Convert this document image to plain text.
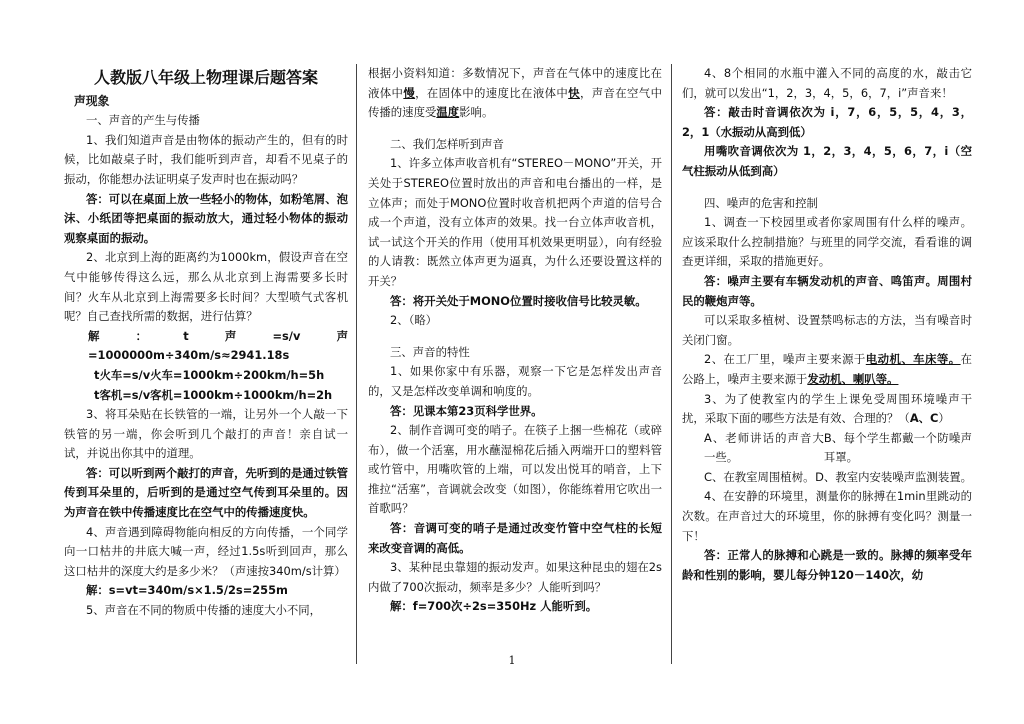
人教版八年级上物理课后题答案

声现象

一、声音的产生与传播

1、我们知道声音是由物体的振动产生的，但有的时候，比如敲桌子时，我们能听到声音，却看不见桌子的振动，你能想办法证明桌子发声时也在振动吗？

答：可以在桌面上放一些轻小的物体，如粉笔屑、泡沫、小纸团等把桌面的振动放大，通过轻小物体的振动观察桌面的振动。

2、北京到上海的距离约为1000km，假设声音在空气中能够传得这么远，那么从北京到上海需要多长时间？火车从北京到上海需要多长时间？大型喷气式客机呢？自己查找所需的数据，进行估算？

解：t声=s/v声=1000000m÷340m/s≈2941.18s

t火车=s/v火车=1000km÷200km/h=5h

t客机=s/v客机=1000km÷1000km/h=2h

3、将耳朵贴在长铁管的一端，让另外一个人敲一下铁管的另一端，你会听到几个敲打的声音！亲自试一试，并说出你其中的道理。

答：可以听到两个敲打的声音，先听到的是通过铁管传到耳朵里的，后听到的是通过空气传到耳朵里的。因为声音在铁中传播速度比在空气中的传播速度快。

4、声音遇到障碍物能向相反的方向传播，一个同学向一口枯井的井底大喊一声，经过1.5s听到回声，那么这口枯井的深度大约是多少米？（声速按340m/s计算）

解：s=vt=340m/s×1.5/2s=255m

5、声音在不同的物质中传播的速度大小不同，

根据小资料知道：多数情况下，声音在气体中的速度比在液体中慢，在固体中的速度比在液体中快，声音在空气中传播的速度受温度影响。

二、我们怎样听到声音

1、许多立体声收音机有“STEREO－MONO”开关，开关处于STEREO位置时放出的声音和电台播出的一样，是立体声；而处于MONO位置时收音机把两个声道的信号合成一个声道，没有立体声的效果。找一台立体声收音机，试一试这个开关的作用（使用耳机效果更明显），向有经验的人请教：既然立体声更为逼真，为什么还要设置这样的开关？

答：将开关处于MONO位置时接收信号比较灵敏。

2、（略）

三、声音的特性

1、如果你家中有乐器，观察一下它是怎样发出声音的，又是怎样改变单调和响度的。

答：见课本第23页科学世界。

2、制作音调可变的哨子。在筷子上捆一些棉花（或碎布），做一个活塞，用水蘸湿棉花后插入两端开口的塑料管或竹管中，用嘴吹管的上端，可以发出悦耳的哨音，上下推拉“活塞”，音调就会改变（如图），你能练着用它吹出一首歌吗？

答：音调可变的哨子是通过改变竹管中空气柱的长短来改变音调的高低。

3、某种昆虫靠翅的振动发声。如果这种昆虫的翅在2s内做了700次振动，频率是多少？人能听到吗？

解：f=700次÷2s=350Hz 人能听到。

4、8个相同的水瓶中灌入不同的高度的水，敲击它们，就可以发出“1，2，3，4，5，6，7，i”声音来！

答：敲击时音调依次为 i，7，6，5，5，4，3，2，1（水振动从高到低）

用嘴吹音调依次为 1，2，3，4，5，6，7，i（空气柱振动从低到高）

四、噪声的危害和控制

1、调查一下校园里或者你家周围有什么样的噪声。应该采取什么控制措施？与班里的同学交流，看看谁的调查更详细，采取的措施更好。

答：噪声主要有车辆发动机的声音、鸣笛声。周围村民的鞭炮声等。

可以采取多植树、设置禁鸣标志的方法，当有噪音时关闭门窗。

2、在工厂里，噪声主要来源于电动机、车床等。在公路上，噪声主要来源于发动机、喇叭等。

3、为了使教室内的学生上课免受周围环境噪声干扰，采取下面的哪些方法是有效、合理的？（A、C）

A、老师讲话的声音大一些。
B、每个学生都戴一个防噪声耳罩。
C、在教室周围植树。 D、教室内安装噪声监测装置。

4、在安静的环境里，测量你的脉搏在1min里跳动的次数。在声音过大的环境里，你的脉搏有变化吗？测量一下！

答：正常人的脉搏和心跳是一致的。脉搏的频率受年龄和性别的影响，婴儿每分钟120－140次，幼

1
